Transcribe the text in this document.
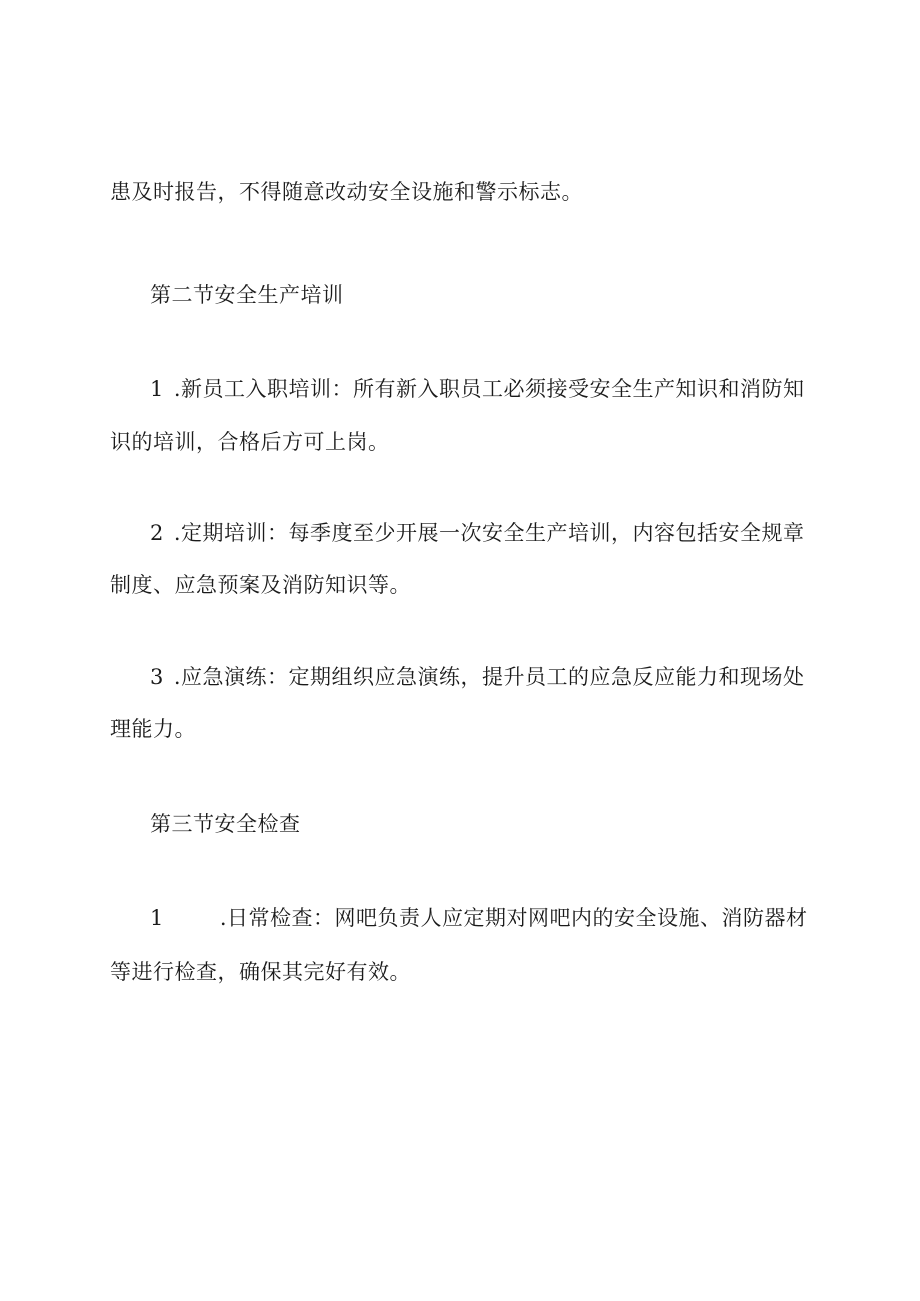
患及时报告，不得随意改动安全设施和警示标志。
第二节安全生产培训
1 .新员工入职培训：所有新入职员工必须接受安全生产知识和消防知
识的培训，合格后方可上岗。
2 .定期培训：每季度至少开展一次安全生产培训，内容包括安全规章
制度、应急预案及消防知识等。
3 .应急演练：定期组织应急演练，提升员工的应急反应能力和现场处
理能力。
第三节安全检查
1	.日常检查：网吧负责人应定期对网吧内的安全设施、消防器材
等进行检查，确保其完好有效。
